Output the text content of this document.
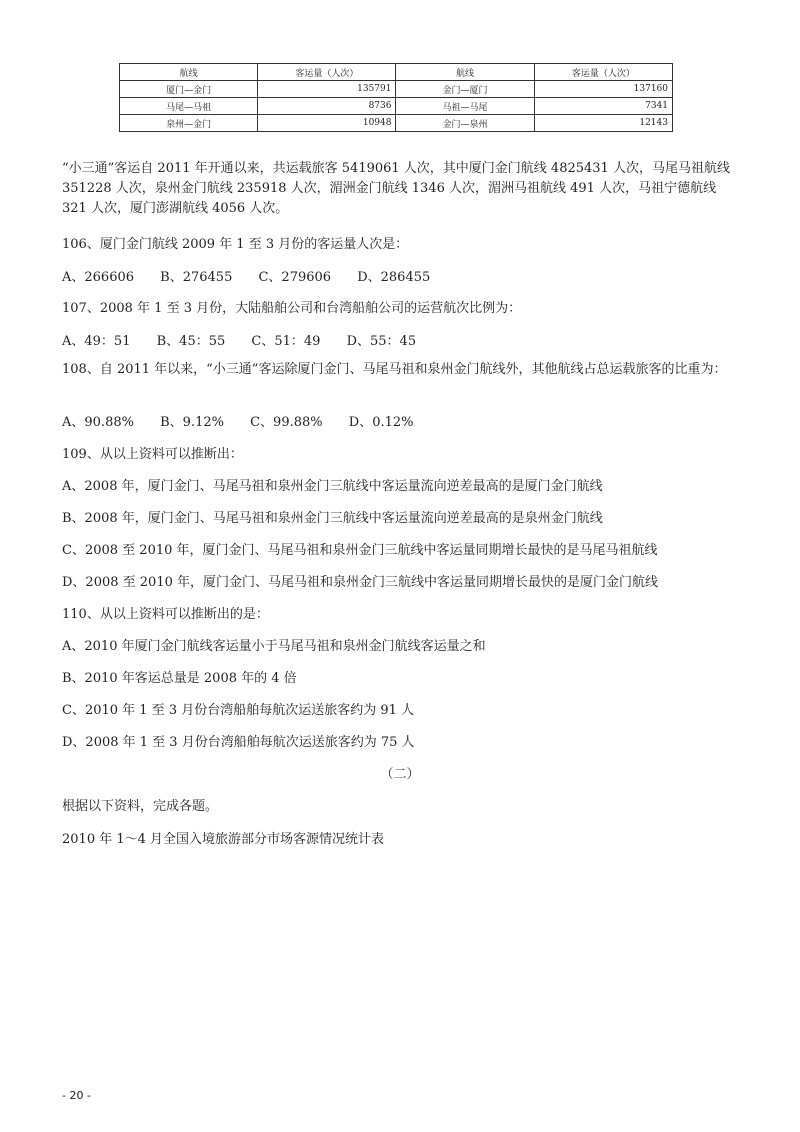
航线	客运量（人次）	航线	客运量（人次）
厦门—金门	135791	金门—厦门	137160
马尾—马祖	8736	马祖—马尾	7341
泉州—金门	10948	金门—泉州	12143
“小三通”客运自 2011 年开通以来，共运载旅客 5419061 人次，其中厦门金门航线 4825431 人次，马尾马祖航线 351228 人次，泉州金门航线 235918 人次，湄洲金门航线 1346 人次，湄洲马祖航线 491 人次，马祖宁德航线 321 人次，厦门澎湖航线 4056 人次。
106、厦门金门航线 2009 年 1 至 3 月份的客运量人次是：
A、266606 B、276455 C、279606 D、286455
107、2008 年 1 至 3 月份，大陆船舶公司和台湾船舶公司的运营航次比例为：
A、49：51 B、45：55 C、51：49 D、55：45
108、自 2011 年以来，“小三通”客运除厦门金门、马尾马祖和泉州金门航线外，其他航线占总运载旅客的比重为：
A、90.88% B、9.12% C、99.88% D、0.12%
109、从以上资料可以推断出：
A、2008 年，厦门金门、马尾马祖和泉州金门三航线中客运量流向逆差最高的是厦门金门航线
B、2008 年，厦门金门、马尾马祖和泉州金门三航线中客运量流向逆差最高的是泉州金门航线
C、2008 至 2010 年，厦门金门、马尾马祖和泉州金门三航线中客运量同期增长最快的是马尾马祖航线
D、2008 至 2010 年，厦门金门、马尾马祖和泉州金门三航线中客运量同期增长最快的是厦门金门航线
110、从以上资料可以推断出的是：
A、2010 年厦门金门航线客运量小于马尾马祖和泉州金门航线客运量之和
B、2010 年客运总量是 2008 年的 4 倍
C、2010 年 1 至 3 月份台湾船舶每航次运送旅客约为 91 人
D、2008 年 1 至 3 月份台湾船舶每航次运送旅客约为 75 人
（二）
根据以下资料，完成各题。
2010 年 1～4 月全国入境旅游部分市场客源情况统计表
- 20 -
